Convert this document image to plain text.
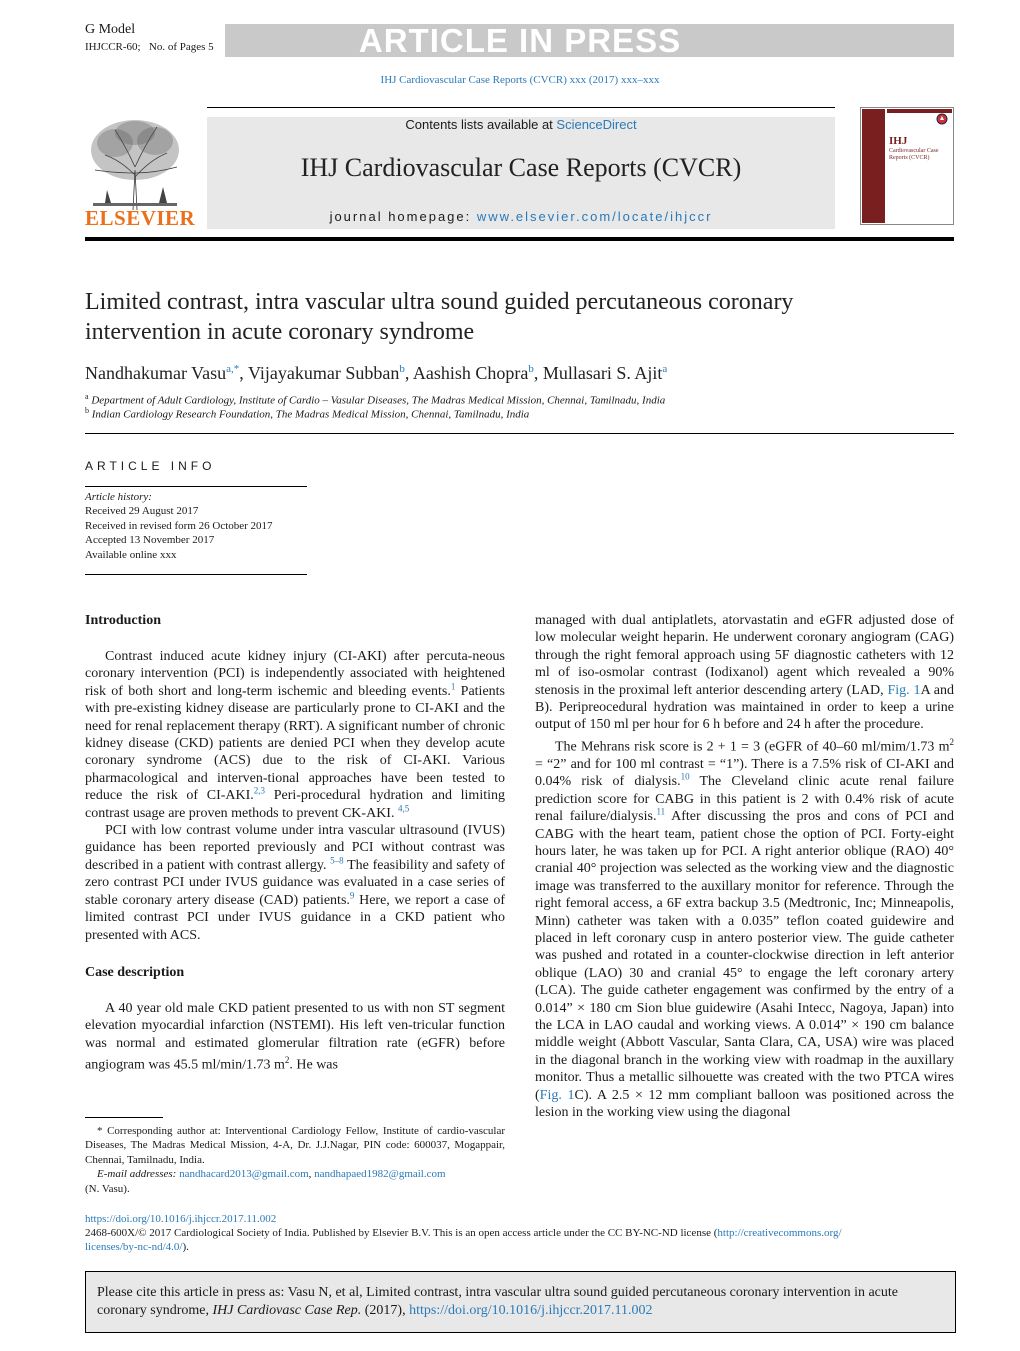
G Model
IHJCCR-60; No. of Pages 5	ARTICLE IN PRESS
IHJ Cardiovascular Case Reports (CVCR) xxx (2017) xxx–xxx
Contents lists available at ScienceDirect
IHJ Cardiovascular Case Reports (CVCR)
journal homepage: www.elsevier.com/locate/ihjccr
ELSEVIER
IHJ
Cardiovascular Case Reports (CVCR)
Limited contrast, intra vascular ultra sound guided percutaneous coronary intervention in acute coronary syndrome
Nandhakumar Vasu$^{a,*}$, Vijayakumar Subban$^b$, Aashish Chopra$^b$, Mullasari S. Ajit$^a$
$^a$ Department of Adult Cardiology, Institute of Cardio – Vasular Diseases, The Madras Medical Mission, Chennai, Tamilnadu, India
$^b$ Indian Cardiology Research Foundation, The Madras Medical Mission, Chennai, Tamilnadu, India
ARTICLE INFO
Article history:
Received 29 August 2017
Received in revised form 26 October 2017
Accepted 13 November 2017
Available online xxx
Introduction

Contrast induced acute kidney injury (CI-AKI) after percuta-neous coronary intervention (PCI) is independently associated with heightened risk of both short and long-term ischemic and bleeding events.$^1$ Patients with pre-existing kidney disease are particularly prone to CI-AKI and the need for renal replacement therapy (RRT). A significant number of chronic kidney disease (CKD) patients are denied PCI when they develop acute coronary syndrome (ACS) due to the risk of CI-AKI. Various pharmacological and interven-tional approaches have been tested to reduce the risk of CI-AKI.$^{2,3}$ Peri-procedural hydration and limiting contrast usage are proven methods to prevent CK-AKI. $^{4,5}$

PCI with low contrast volume under intra vascular ultrasound (IVUS) guidance has been reported previously and PCI without contrast was described in a patient with contrast allergy. $^{5-8}$ The feasibility and safety of zero contrast PCI under IVUS guidance was evaluated in a case series of stable coronary artery disease (CAD) patients.$^9$ Here, we report a case of limited contrast PCI under IVUS guidance in a CKD patient who presented with ACS.

Case description

A 40 year old male CKD patient presented to us with non ST segment elevation myocardial infarction (NSTEMI). His left ven-tricular function was normal and estimated glomerular filtration rate (eGFR) before angiogram was 45.5 ml/min/1.73 $m^2$. He was

* Corresponding author at: Interventional Cardiology Fellow, Institute of cardio-vascular Diseases, The Madras Medical Mission, 4-A, Dr. J.J.Nagar, PIN code: 600037, Mogappair, Chennai, Tamilnadu, India.
E-mail addresses: nandhacard2013@gmail.com, nandhapaed1982@gmail.com
(N. Vasu).
managed with dual antiplatlets, atorvastatin and eGFR adjusted dose of low molecular weight heparin. He underwent coronary angiogram (CAG) through the right femoral approach using 5F diagnostic catheters with 12 ml of iso-osmolar contrast (Iodixanol) agent which revealed a 90% stenosis in the proximal left anterior descending artery (LAD, Fig. 1A and B). Peripreocedural hydration was maintained in order to keep a urine output of 150 ml per hour for 6 h before and 24 h after the procedure.

The Mehrans risk score is 2 + 1 = 3 (eGFR of 40–60 ml/mim/1.73 $m^2$ = “2” and for 100 ml contrast = “1”). There is a 7.5% risk of CI-AKI and 0.04% risk of dialysis.$^{10}$ The Cleveland clinic acute renal failure prediction score for CABG in this patient is 2 with 0.4% risk of acute renal failure/dialysis.$^{11}$ After discussing the pros and cons of PCI and CABG with the heart team, patient chose the option of PCI. Forty-eight hours later, he was taken up for PCI. A right anterior oblique (RAO) 40° cranial 40° projection was selected as the working view and the diagnostic image was transferred to the auxillary monitor for reference. Through the right femoral access, a 6F extra backup 3.5 (Medtronic, Inc; Minneapolis, Minn) catheter was taken with a 0.035” teflon coated guidewire and placed in left coronary cusp in antero posterior view. The guide catheter was pushed and rotated in a counter-clockwise direction in left anterior oblique (LAO) 30 and cranial 45° to engage the left coronary artery (LCA). The guide catheter engagement was confirmed by the entry of a 0.014” × 180 cm Sion blue guidewire (Asahi Intecc, Nagoya, Japan) into the LCA in LAO caudal and working views. A 0.014” × 190 cm balance middle weight (Abbott Vascular, Santa Clara, CA, USA) wire was placed in the diagonal branch in the working view with roadmap in the auxillary monitor. Thus a metallic silhouette was created with the two PTCA wires (Fig. 1C). A 2.5 × 12 mm compliant balloon was positioned across the lesion in the working view using the diagonal

https://doi.org/10.1016/j.ihjccr.2017.11.002
2468-600X/© 2017 Cardiological Society of India. Published by Elsevier B.V. This is an open access article under the CC BY-NC-ND license (http://creativecommons.org/
licenses/by-nc-nd/4.0/).
Please cite this article in press as: Vasu N, et al, Limited contrast, intra vascular ultra sound guided percutaneous coronary intervention in acute coronary syndrome, IHJ Cardiovasc Case Rep. (2017), https://doi.org/10.1016/j.ihjccr.2017.11.002
